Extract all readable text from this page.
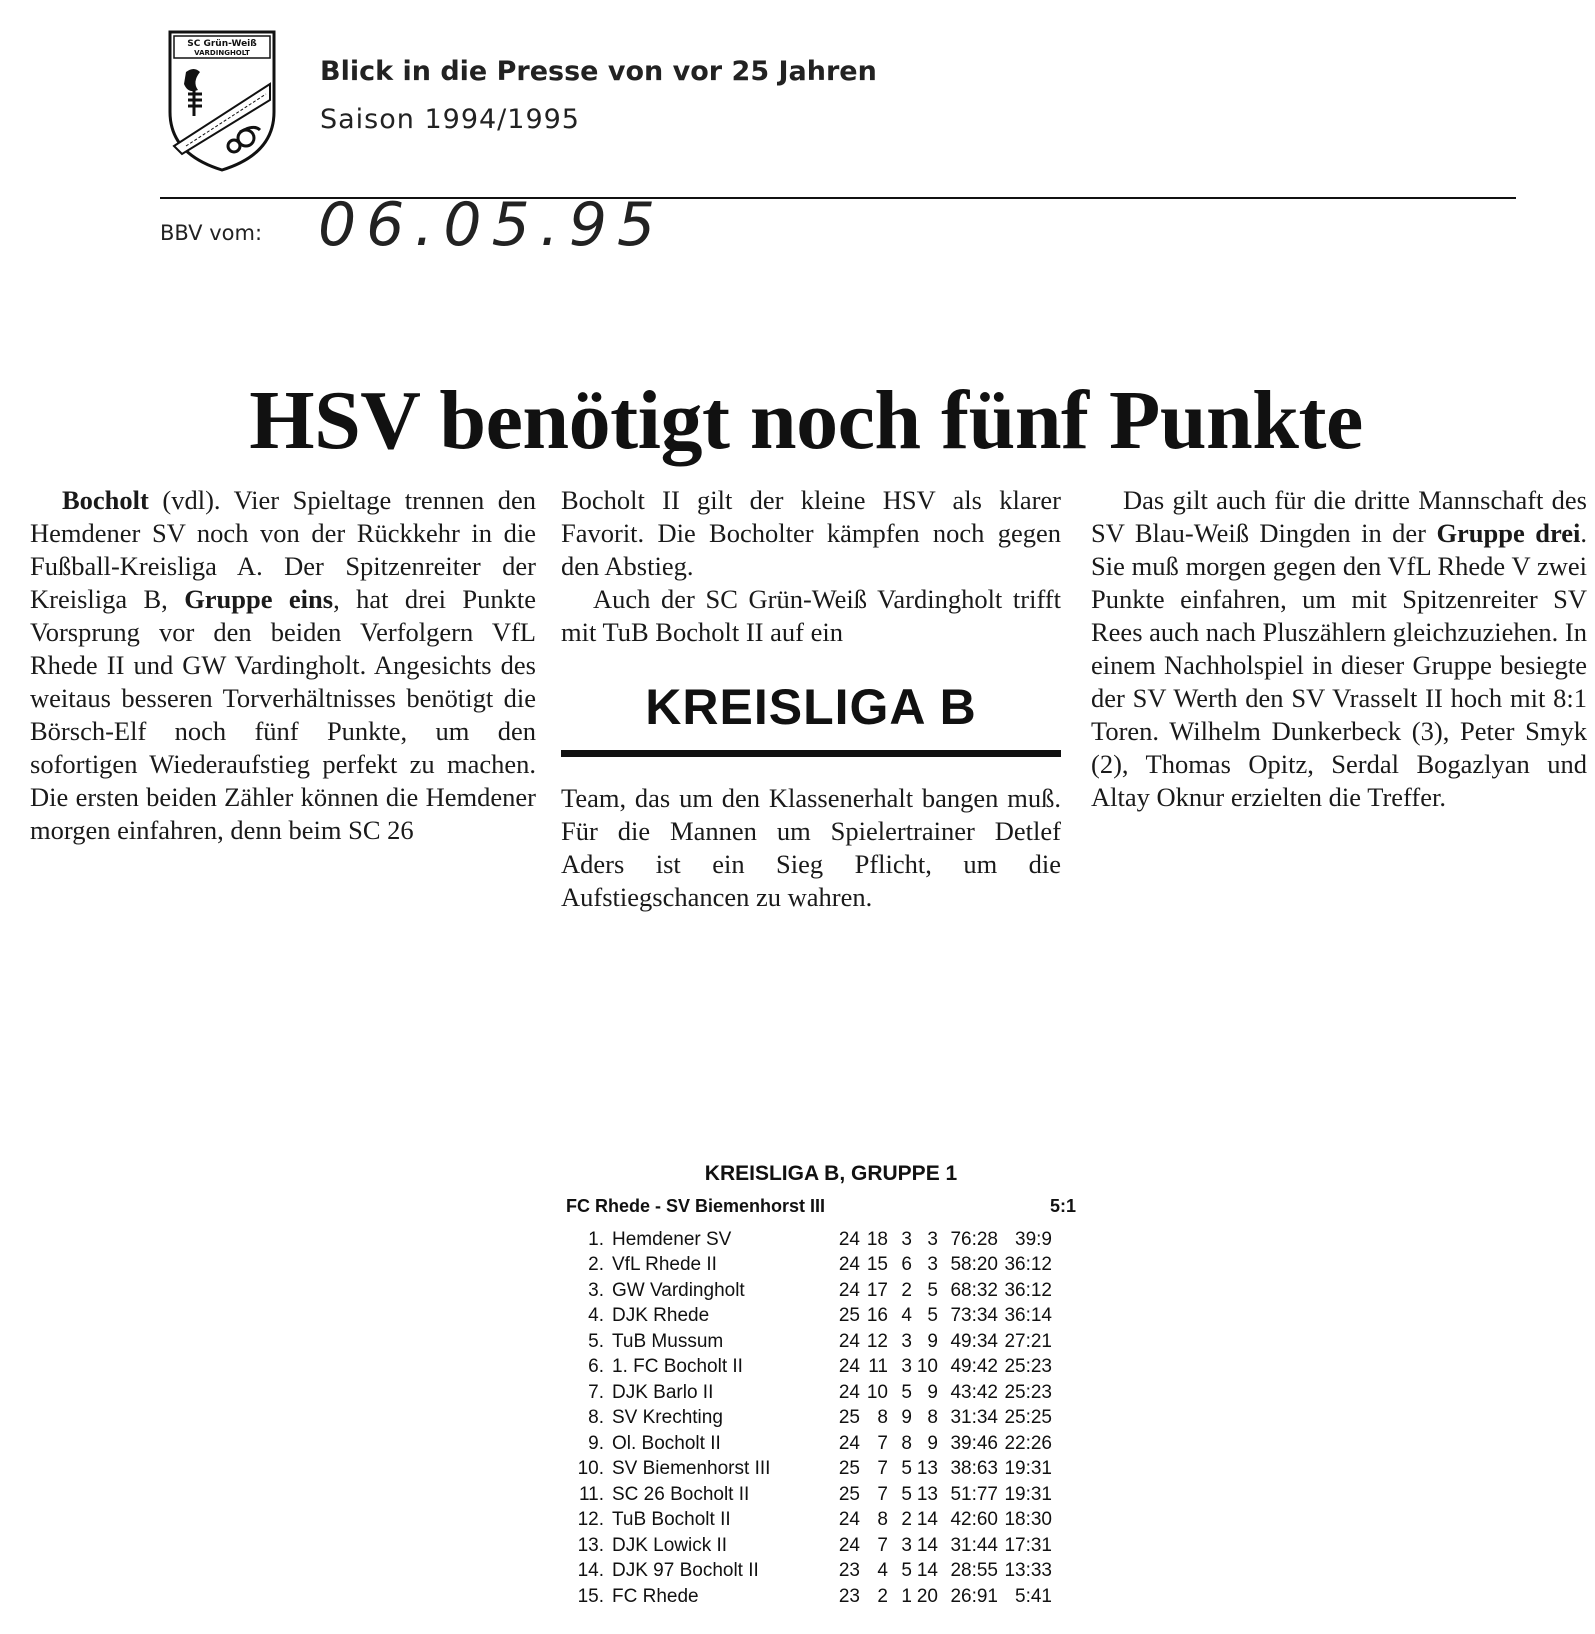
SC Grün-Weiß
VARDINGHOLT
Blick in die Presse von vor 25 Jahren
Saison 1994/1995
BBV vom: 06.05.95
HSV benötigt noch fünf Punkte

Bocholt (vdl). Vier Spieltage trennen den Hemdener SV noch von der Rückkehr in die Fußball-Kreisliga A. Der Spitzenreiter der Kreisliga B, Gruppe eins, hat drei Punkte Vorsprung vor den beiden Verfolgern VfL Rhede II und GW Vardingholt. Angesichts des weitaus besseren Torverhältnisses benötigt die Börsch-Elf noch fünf Punkte, um den sofortigen Wiederaufstieg perfekt zu machen. Die ersten beiden Zähler können die Hemdener morgen einfahren, denn beim SC 26

Bocholt II gilt der kleine HSV als klarer Favorit. Die Bocholter kämpfen noch gegen den Abstieg.

Auch der SC Grün-Weiß Vardingholt trifft mit TuB Bocholt II auf ein

KREISLIGA B

Team, das um den Klassenerhalt bangen muß. Für die Mannen um Spielertrainer Detlef Aders ist ein Sieg Pflicht, um die Aufstiegschancen zu wahren.

Das gilt auch für die dritte Mannschaft des SV Blau-Weiß Dingden in der Gruppe drei. Sie muß morgen gegen den VfL Rhede V zwei Punkte einfahren, um mit Spitzenreiter SV Rees auch nach Pluszählern gleichzuziehen. In einem Nachholspiel in dieser Gruppe besiegte der SV Werth den SV Vrasselt II hoch mit 8:1 Toren. Wilhelm Dunkerbeck (3), Peter Smyk (2), Thomas Opitz, Serdal Bogazlyan und Altay Oknur erzielten die Treffer.

KREISLIGA B, GRUPPE 1
FC Rhede - SV Biemenhorst III	5:1
1. Hemdener SV	24 18 3 3 76:28 39:9
2. VfL Rhede II	24 15 6 3 58:20 36:12
3. GW Vardingholt	24 17 2 5 68:32 36:12
4. DJK Rhede	25 16 4 5 73:34 36:14
5. TuB Mussum	24 12 3 9 49:34 27:21
6. 1. FC Bocholt II	24 11 3 10 49:42 25:23
7. DJK Barlo II	24 10 5 9 43:42 25:23
8. SV Krechting	25 8 9 8 31:34 25:25
9. Ol. Bocholt II	24 7 8 9 39:46 22:26
10. SV Biemenhorst III	25 7 5 13 38:63 19:31
11. SC 26 Bocholt II	25 7 5 13 51:77 19:31
12. TuB Bocholt II	24 8 2 14 42:60 18:30
13. DJK Lowick II	24 7 3 14 31:44 17:31
14. DJK 97 Bocholt II	23 4 5 14 28:55 13:33
15. FC Rhede	23 2 1 20 26:91 5:41
